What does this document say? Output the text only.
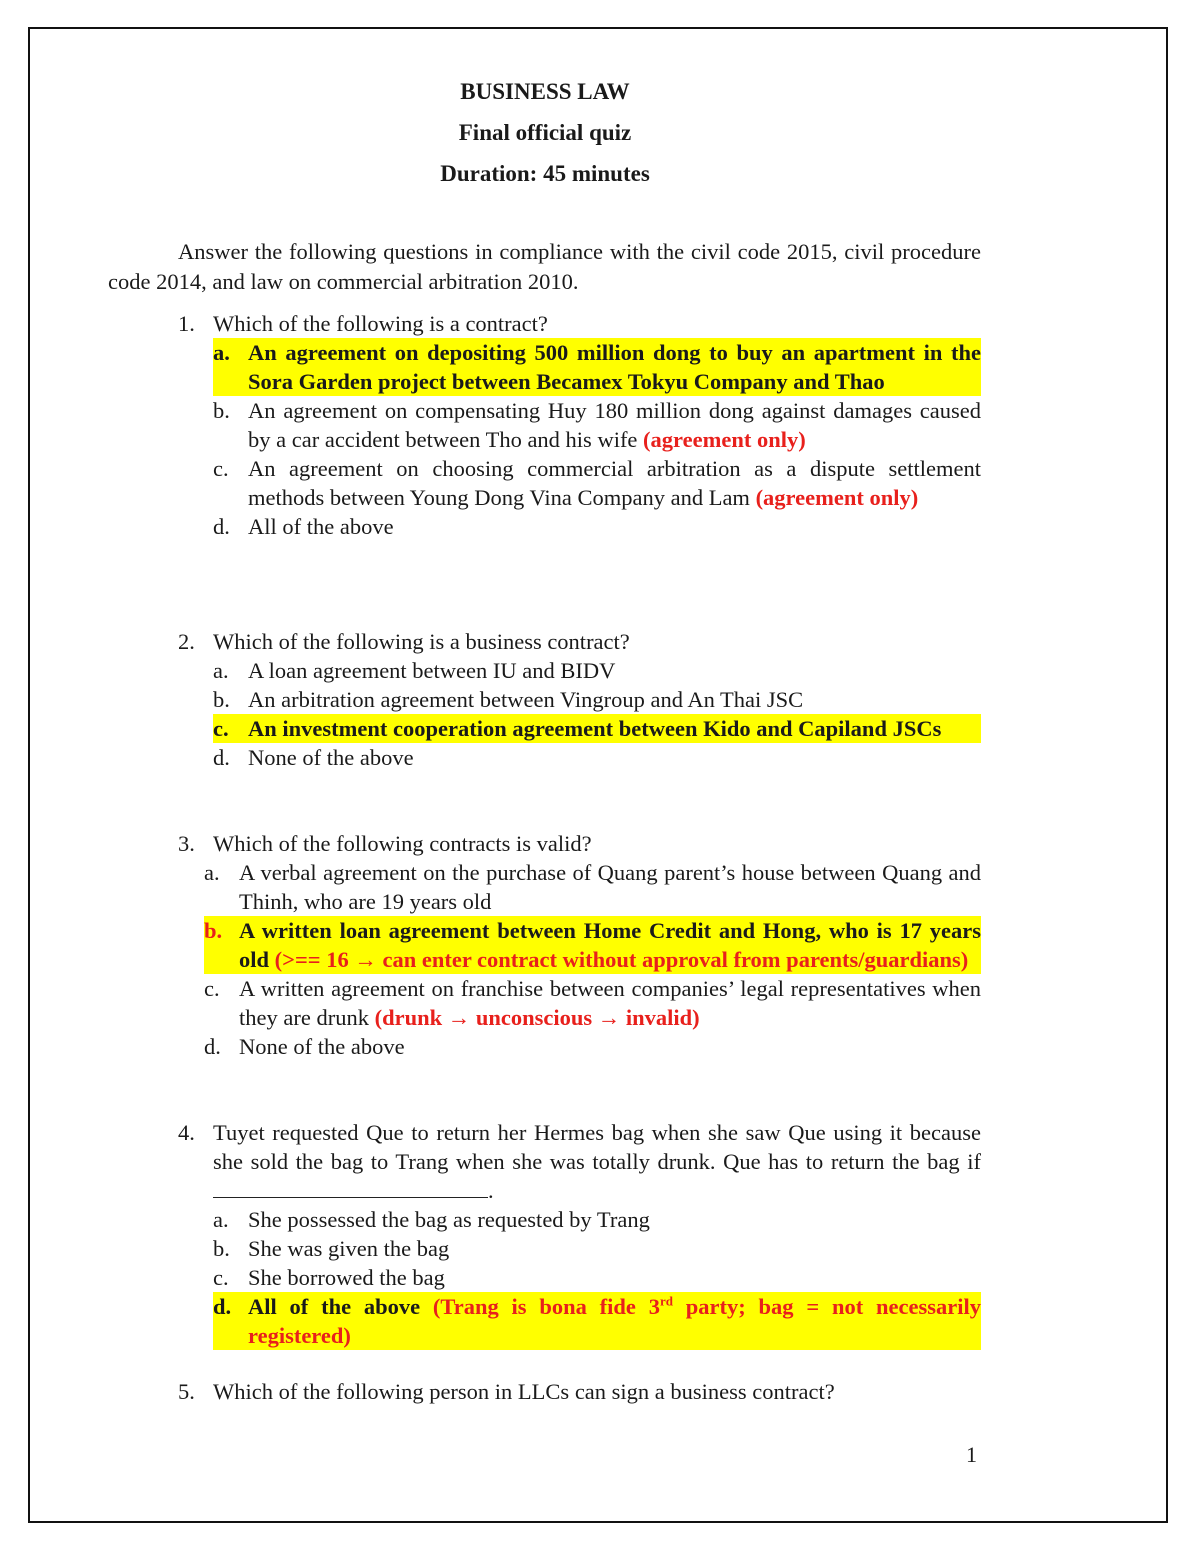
BUSINESS LAW
Final official quiz
Duration: 45 minutes
Answer the following questions in compliance with the civil code 2015, civil procedure code 2014, and law on commercial arbitration 2010.
1. Which of the following is a contract?
a. An agreement on depositing 500 million dong to buy an apartment in the Sora Garden project between Becamex Tokyu Company and Thao
b. An agreement on compensating Huy 180 million dong against damages caused by a car accident between Tho and his wife (agreement only)
c. An agreement on choosing commercial arbitration as a dispute settlement methods between Young Dong Vina Company and Lam (agreement only)
d. All of the above
2. Which of the following is a business contract?
a. A loan agreement between IU and BIDV
b. An arbitration agreement between Vingroup and An Thai JSC
c. An investment cooperation agreement between Kido and Capiland JSCs
d. None of the above
3. Which of the following contracts is valid?
a. A verbal agreement on the purchase of Quang parent’s house between Quang and Thinh, who are 19 years old
b. A written loan agreement between Home Credit and Hong, who is 17 years old (>== 16 → can enter contract without approval from parents/guardians)
c. A written agreement on franchise between companies’ legal representatives when they are drunk (drunk → unconscious → invalid)
d. None of the above
4. Tuyet requested Que to return her Hermes bag when she saw Que using it because she sold the bag to Trang when she was totally drunk. Que has to return the bag if.
a. She possessed the bag as requested by Trang
b. She was given the bag
c. She borrowed the bag
d. All of the above (Trang is bona fide 3rd party; bag = not necessarily registered)
5. Which of the following person in LLCs can sign a business contract?
1
